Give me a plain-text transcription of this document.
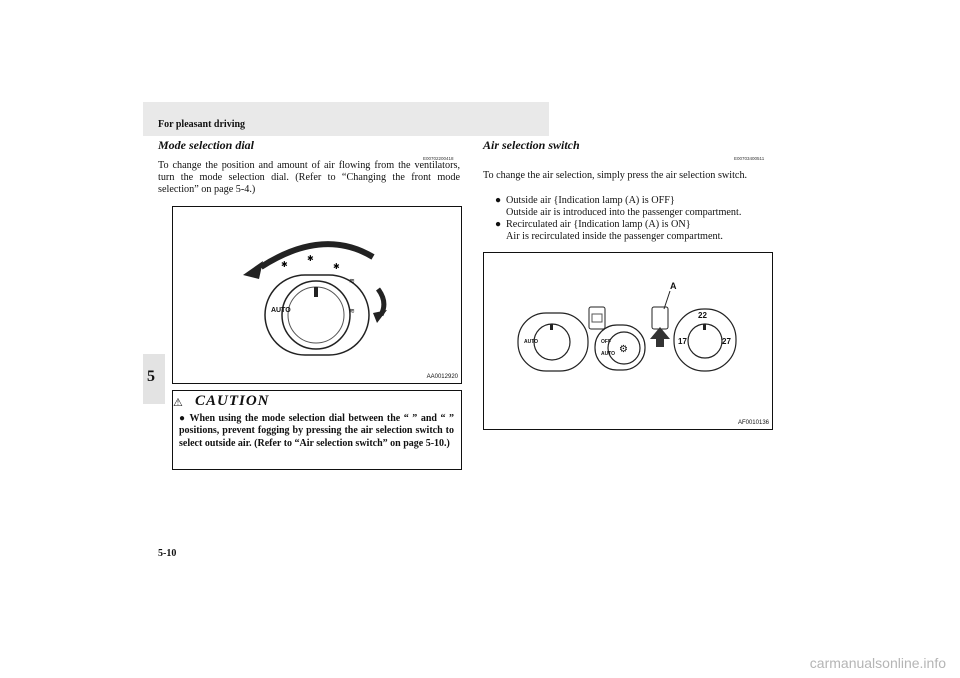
For pleasant driving
5
Mode selection dial
E00702200418
To change the position and amount of air flowing from the ventilators, turn the mode selection dial. (Refer to “Changing the front mode selection” on page 5-4.)
✱
✱
✱
≋
≋
AUTO
AA0012920
⚠ CAUTION
● When using the mode selection dial between the “ ” and “ ” positions, prevent fogging by pressing the air selection switch to select outside air. (Refer to “Air selection switch” on page 5-10.)
Air selection switch
E00703400511
To change the air selection, simply press the air selection switch.
● Outside air {Indication lamp (A) is OFF}
Outside air is introduced into the passenger compartment.
● Recirculated air {Indication lamp (A) is ON}
Air is recirculated inside the passenger compartment.
⚙
A
AUTO	OFF
AUTO
22
17	27
AF0010136
5-10
carmanualsonline.info
